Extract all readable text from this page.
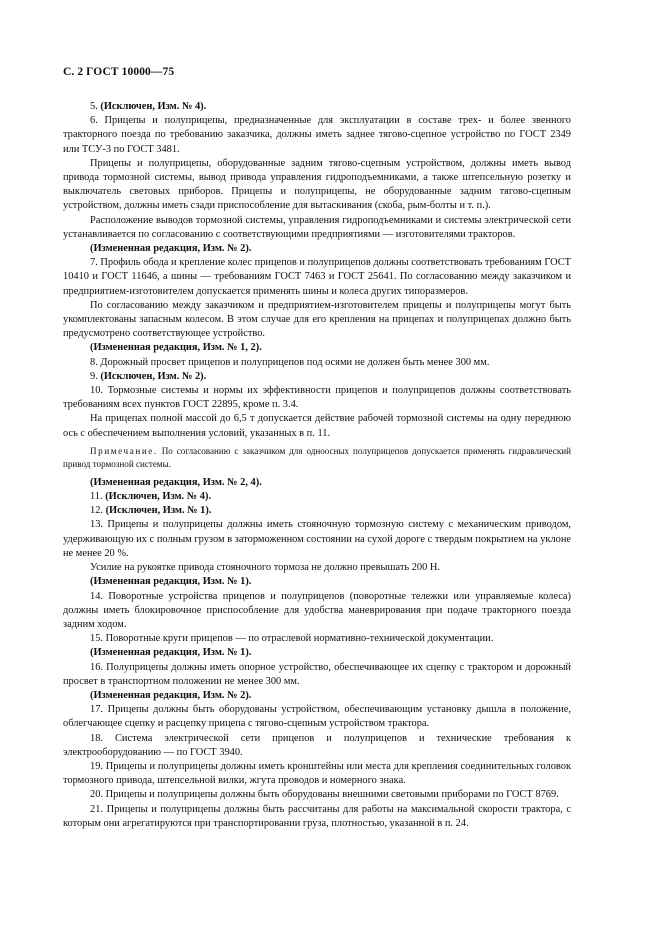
С. 2 ГОСТ 10000—75
5. (Исключен, Изм. № 4).
6. Прицепы и полуприцепы, предназначенные для эксплуатации в составе трех- и более звенного тракторного поезда по требованию заказчика, должны иметь заднее тягово-сцепное устройство по ГОСТ 2349 или ТСУ-3 по ГОСТ 3481.
Прицепы и полуприцепы, оборудованные задним тягово-сцепным устройством, должны иметь вывод привода тормозной системы, вывод привода управления гидроподъемниками, а также штепсельную розетку и выключатель световых приборов. Прицепы и полуприцепы, не оборудованные задним тягово-сцепным устройством, должны иметь сзади приспособление для вытаскивания (скоба, рым-болты и т. п.).
Расположение выводов тормозной системы, управления гидроподъемниками и системы электрической сети устанавливается по согласованию с соответствующими предприятиями — изготовителями тракторов.
(Измененная редакция, Изм. № 2).
7. Профиль обода и крепление колес прицепов и полуприцепов должны соответствовать требованиям ГОСТ 10410 и ГОСТ 11646, а шины — требованиям ГОСТ 7463 и ГОСТ 25641. По согласованию между заказчиком и предприятием-изготовителем допускается применять шины и колеса других типоразмеров.
По согласованию между заказчиком и предприятием-изготовителем прицепы и полуприцепы могут быть укомплектованы запасным колесом. В этом случае для его крепления на прицепах и полуприцепах должно быть предусмотрено соответствующее устройство.
(Измененная редакция, Изм. № 1, 2).
8. Дорожный просвет прицепов и полуприцепов под осями не должен быть менее 300 мм.
9. (Исключен, Изм. № 2).
10. Тормозные системы и нормы их эффективности прицепов и полуприцепов должны соответствовать требованиям всех пунктов ГОСТ 22895, кроме п. 3.4.
На прицепах полной массой до 6,5 т допускается действие рабочей тормозной системы на одну переднюю ось с обеспечением выполнения условий, указанных в п. 11.
Примечание. По согласованию с заказчиком для одноосных полуприцепов допускается применять гидравлический привод тормозной системы.
(Измененная редакция, Изм. № 2, 4).
11. (Исключен, Изм. № 4).
12. (Исключен, Изм. № 1).
13. Прицепы и полуприцепы должны иметь стояночную тормозную систему с механическим приводом, удерживающую их с полным грузом в заторможенном состоянии на сухой дороге с твердым покрытием на уклоне не менее 20 %.
Усилие на рукоятке привода стояночного тормоза не должно превышать 200 Н.
(Измененная редакция, Изм. № 1).
14. Поворотные устройства прицепов и полуприцепов (поворотные тележки или управляемые колеса) должны иметь блокировочное приспособление для удобства маневрирования при подаче тракторного поезда задним ходом.
15. Поворотные круги прицепов — по отраслевой нормативно-технической документации.
(Измененная редакция, Изм. № 1).
16. Полуприцепы должны иметь опорное устройство, обеспечивающее их сцепку с трактором и дорожный просвет в транспортном положении не менее 300 мм.
(Измененная редакция, Изм. № 2).
17. Прицепы должны быть оборудованы устройством, обеспечивающим установку дышла в положение, облегчающее сцепку и расцепку прицепа с тягово-сцепным устройством трактора.
18. Система электрической сети прицепов и полуприцепов и технические требования к электрооборудованию — по ГОСТ 3940.
19. Прицепы и полуприцепы должны иметь кронштейны или места для крепления соединительных головок тормозного привода, штепсельной вилки, жгута проводов и номерного знака.
20. Прицепы и полуприцепы должны быть оборудованы внешними световыми приборами по ГОСТ 8769.
21. Прицепы и полуприцепы должны быть рассчитаны для работы на максимальной скорости трактора, с которым они агрегатируются при транспортировании груза, плотностью, указанной в п. 24.
